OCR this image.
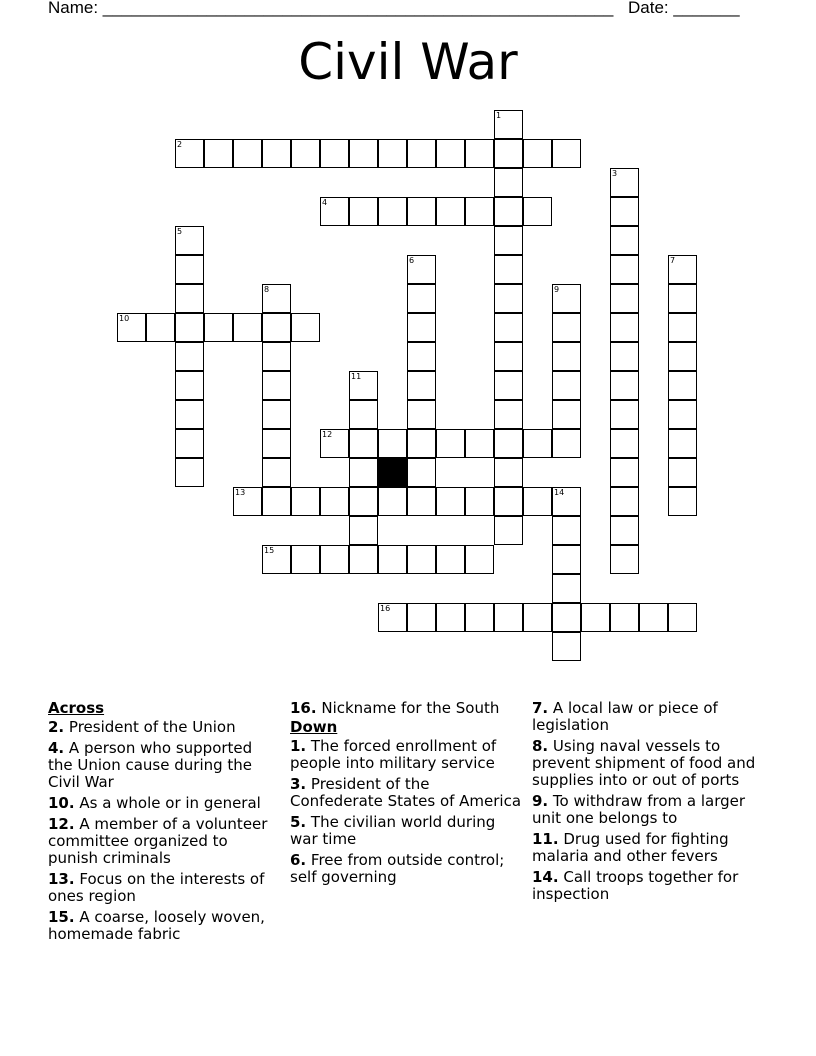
Name: ______________________________________________________ Date: _______
Civil War
1
2
3
4
5
6	7
8	9
10
11
12
13	14
15
16
Across
2. President of the Union
4. A person who supported the Union cause during the Civil War
10. As a whole or in general
12. A member of a volunteer committee organized to punish criminals
13. Focus on the interests of ones region
15. A coarse, loosely woven, homemade fabric
16. Nickname for the South
Down
1. The forced enrollment of people into military service
3. President of the Confederate States of America
5. The civilian world during war time
6. Free from outside control; self governing
7. A local law or piece of legislation
8. Using naval vessels to prevent shipment of food and supplies into or out of ports
9. To withdraw from a larger unit one belongs to
11. Drug used for fighting malaria and other fevers
14. Call troops together for inspection
